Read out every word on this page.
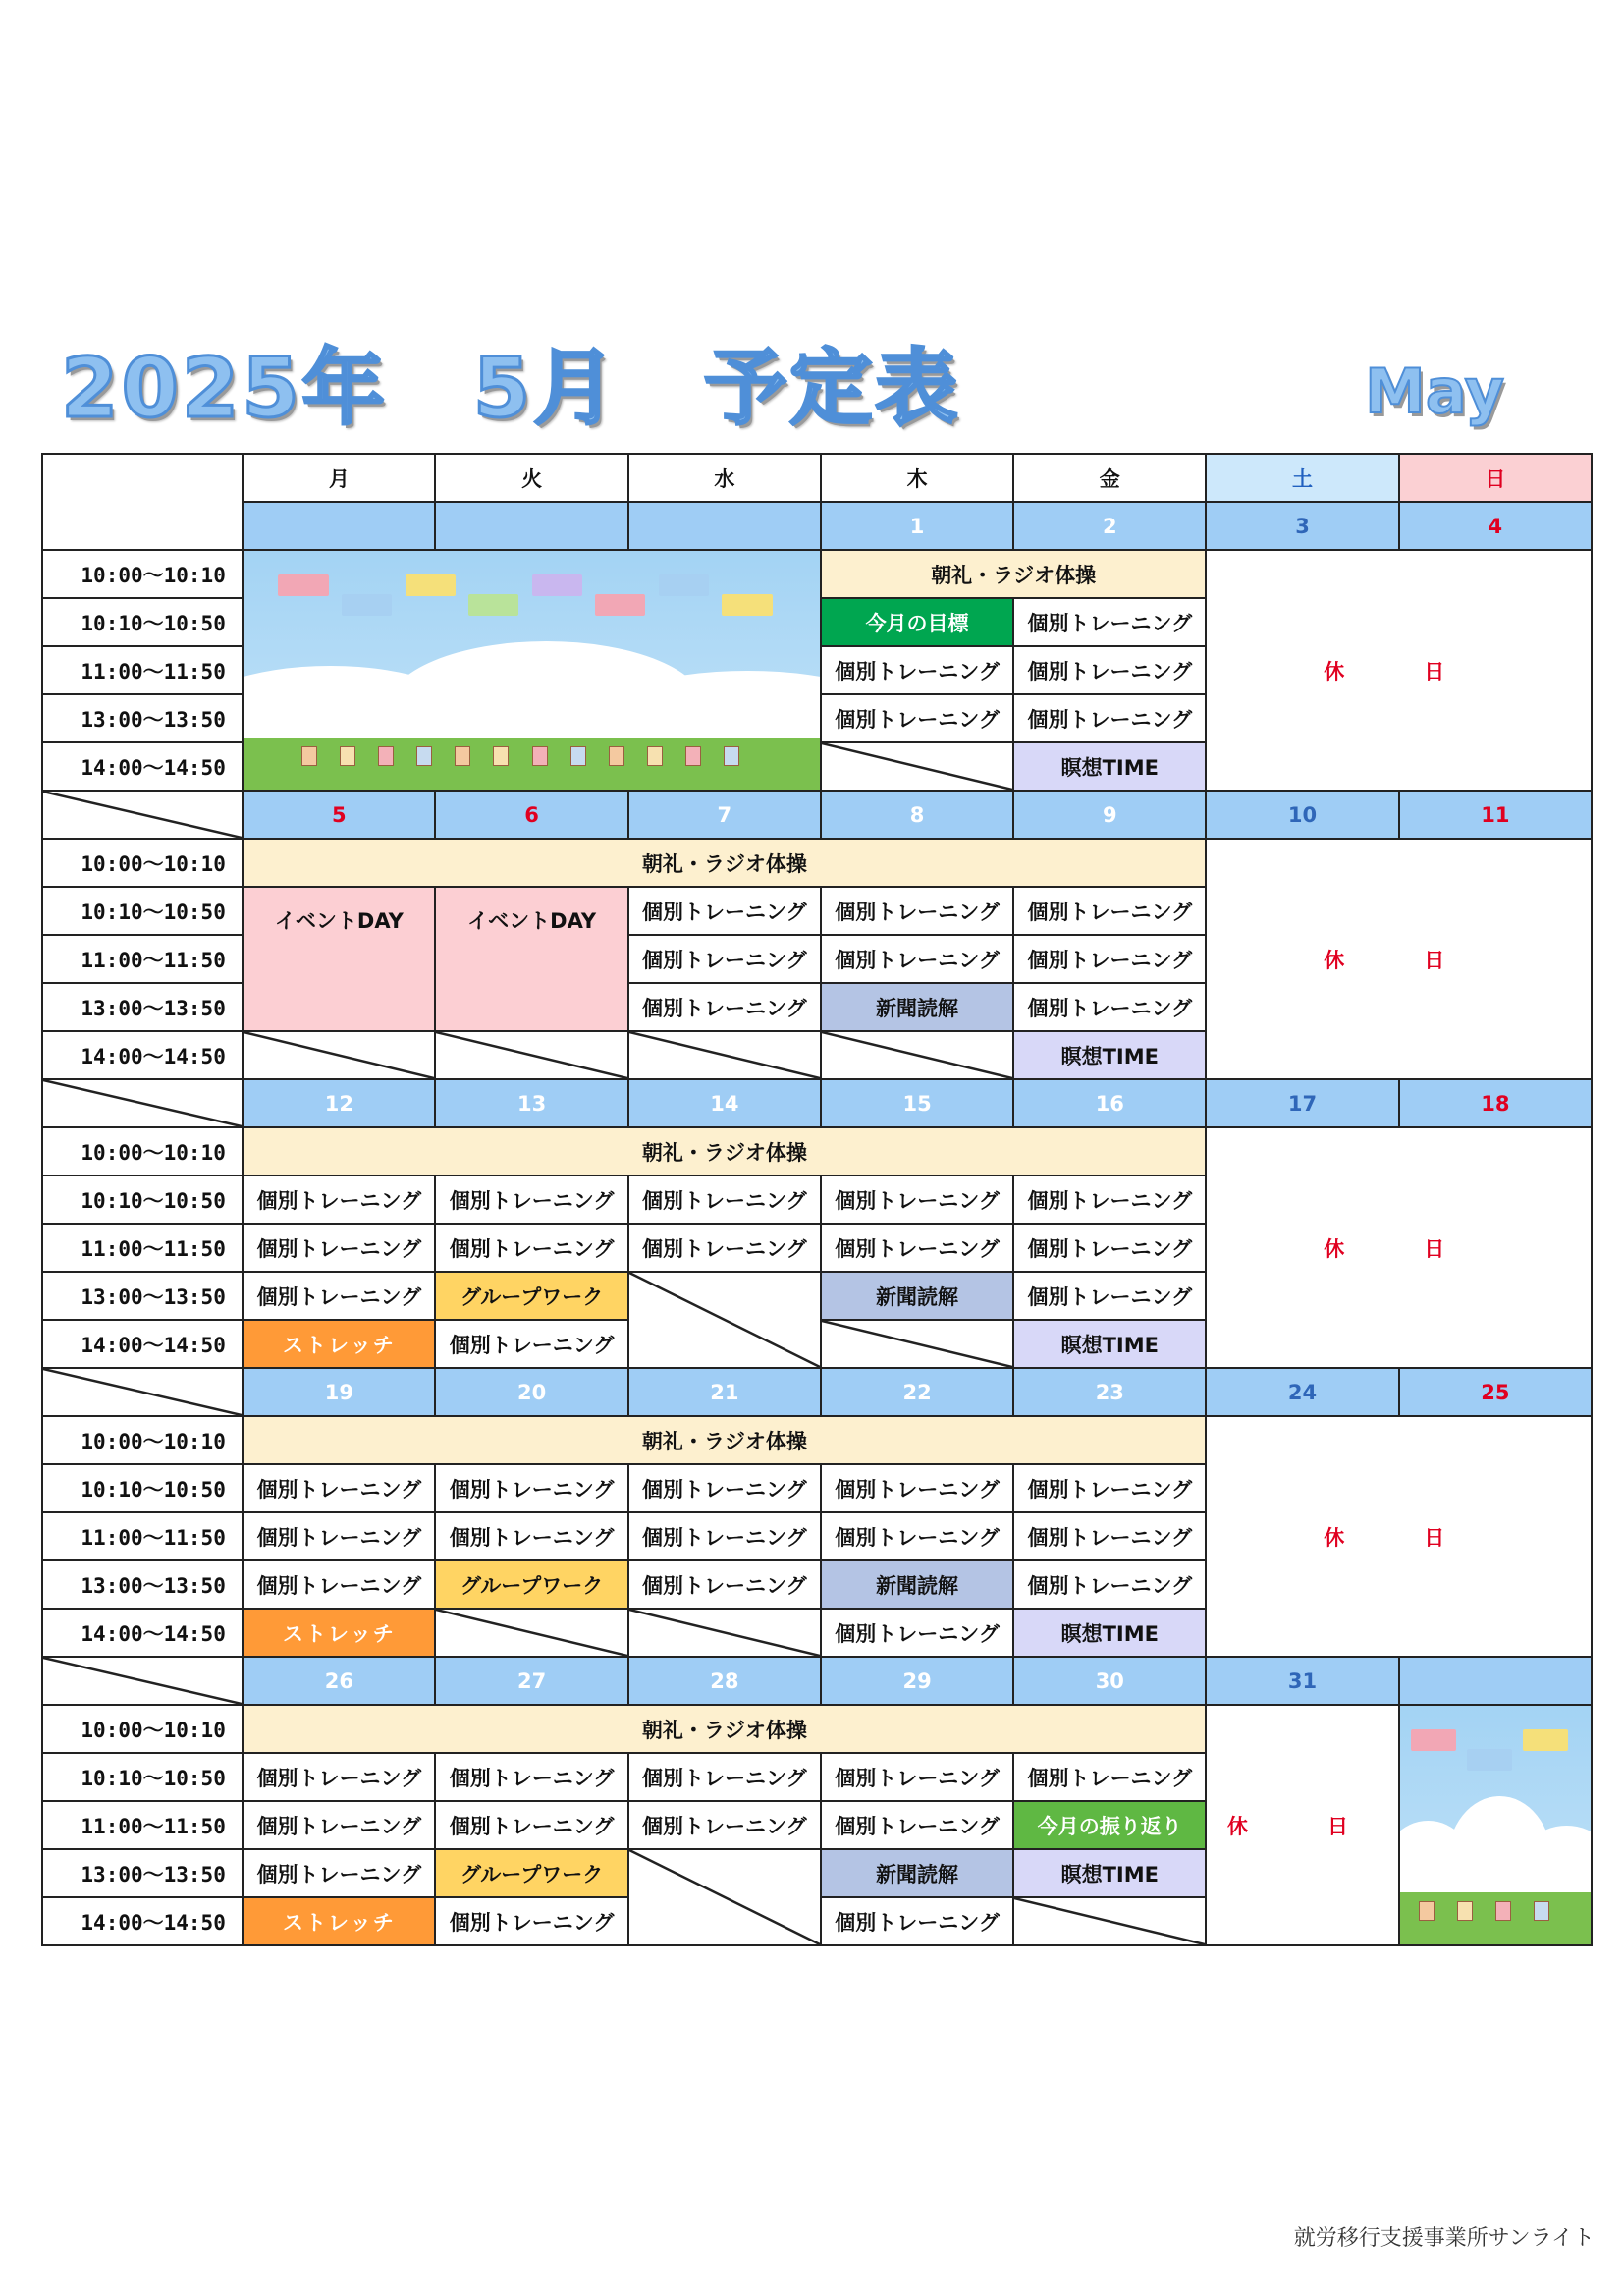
2025年　5月　予定表	May
	月	火	水	木	金	土	日
				1	2	3	4
10:00〜10:10				朝礼・ラジオ体操		休　日	
10:10〜10:50				今月の目標	個別トレーニング		
11:00〜11:50				個別トレーニング	個別トレーニング		
13:00〜13:50				個別トレーニング	個別トレーニング		
14:00〜14:50					瞑想TIME		
	5	6	7	8	9	10	11
10:00〜10:10	朝礼・ラジオ体操					休　日	
10:10〜10:50	イベントDAY	イベントDAY	個別トレーニング	個別トレーニング	個別トレーニング		
11:00〜11:50			個別トレーニング	個別トレーニング	個別トレーニング		
13:00〜13:50			個別トレーニング	新聞読解	個別トレーニング		
14:00〜14:50					瞑想TIME		
	12	13	14	15	16	17	18
10:00〜10:10	朝礼・ラジオ体操					休　日	
10:10〜10:50	個別トレーニング	個別トレーニング	個別トレーニング	個別トレーニング	個別トレーニング		
11:00〜11:50	個別トレーニング	個別トレーニング	個別トレーニング	個別トレーニング	個別トレーニング		
13:00〜13:50	個別トレーニング	グループワーク		新聞読解	個別トレーニング		
14:00〜14:50	ストレッチ	個別トレーニング			瞑想TIME		
	19	20	21	22	23	24	25
10:00〜10:10	朝礼・ラジオ体操					休　日	
10:10〜10:50	個別トレーニング	個別トレーニング	個別トレーニング	個別トレーニング	個別トレーニング		
11:00〜11:50	個別トレーニング	個別トレーニング	個別トレーニング	個別トレーニング	個別トレーニング		
13:00〜13:50	個別トレーニング	グループワーク	個別トレーニング	新聞読解	個別トレーニング		
14:00〜14:50	ストレッチ			個別トレーニング	瞑想TIME		
	26	27	28	29	30	31	
10:00〜10:10	朝礼・ラジオ体操					休　日	

10:10〜10:50	個別トレーニング	個別トレーニング	個別トレーニング	個別トレーニング	個別トレーニング		
11:00〜11:50	個別トレーニング	個別トレーニング	個別トレーニング	個別トレーニング	今月の振り返り		
13:00〜13:50	個別トレーニング	グループワーク		新聞読解	瞑想TIME		
14:00〜14:50	ストレッチ	個別トレーニング		個別トレーニング			
就労移行支援事業所サンライト
